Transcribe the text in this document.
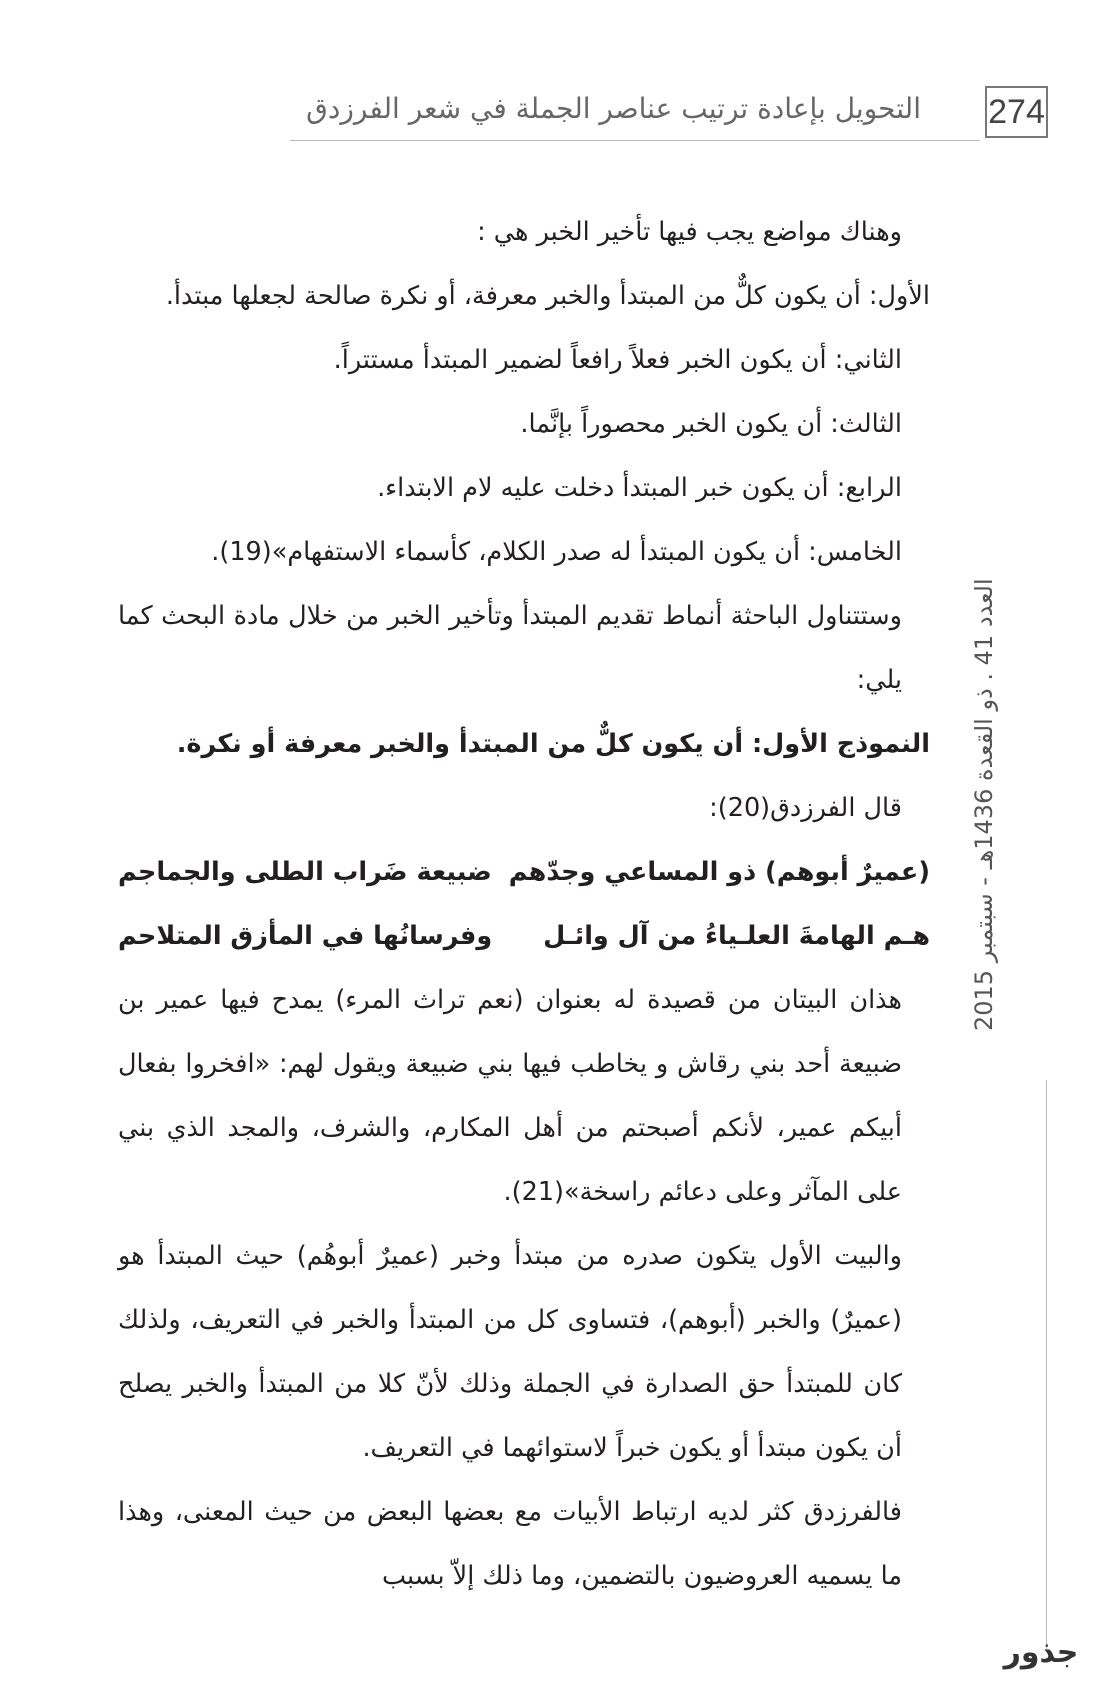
274
التحويل بإعادة ترتيب عناصر الجملة في شعر الفرزدق

وهناك مواضع يجب فيها تأخير الخبر هي :

الأول: أن يكون كلٌّ من المبتدأ والخبر معرفة، أو نكرة صالحة لجعلها مبتدأ.

الثاني: أن يكون الخبر فعلاً رافعاً لضمير المبتدأ مستتراً.

الثالث: أن يكون الخبر محصوراً بإنَّما.

الرابع: أن يكون خبر المبتدأ دخلت عليه لام الابتداء.

الخامس: أن يكون المبتدأ له صدر الكلام، كأسماء الاستفهام»(19).

وستتناول الباحثة أنماط تقديم المبتدأ وتأخير الخبر من خلال مادة البحث كما يلي:

النموذج الأول: أن يكون كلٌّ من المبتدأ والخبر معرفة أو نكرة.

قال الفرزدق(20):

(عميرٌ أبوهم) ذو المساعي وجدّهم
ضبيعة ضَراب الطلى والجماجم
هـم الهامةَ العلـياءُ من آل وائـل
وفرسانُها في المأزق المتلاحم

هذان البيتان من قصيدة له بعنوان (نعم تراث المرء) يمدح فيها عمير بن ضبيعة أحد بني رقاش و يخاطب فيها بني ضبيعة ويقول لهم: «افخروا بفعال أبيكم عمير، لأنكم أصبحتم من أهل المكارم، والشرف، والمجد الذي بني على المآثر وعلى دعائم راسخة»(21).

والبيت الأول يتكون صدره من مبتدأ وخبر (عميرٌ أبوهُم) حيث المبتدأ هو (عميرٌ) والخبر (أبوهم)، فتساوى كل من المبتدأ والخبر في التعريف، ولذلك كان للمبتدأ حق الصدارة في الجملة وذلك لأنّ كلا من المبتدأ والخبر يصلح أن يكون مبتدأ أو يكون خبراً لاستوائهما في التعريف.

فالفرزدق كثر لديه ارتباط الأبيات مع بعضها البعض من حيث المعنى، وهذا ما يسميه العروضيون بالتضمين، وما ذلك إلاّ بسبب

العدد 41 . ذو القعدة 1436هـ - سبتمبر 2015
جذور
